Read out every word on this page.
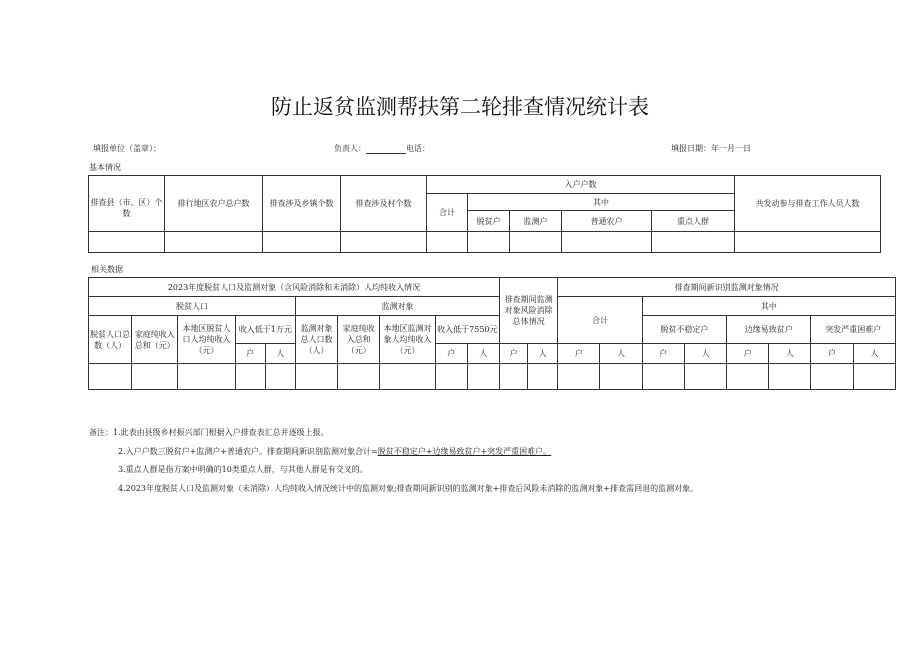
防止返贫监测帮扶第二轮排查情况统计表
填报单位（盖章）：	负责人：	电话：	填报日期：年一月一日
基本情况
排查县（市、区）个数	排行地区农户总户数	排查涉及乡镇个数	排查涉及村个数	入户户数					共发动参与排查工作人员人数
				合计	其中				
					脱贫户	监测户	普通农户	重点人群	

相关数据
2023年度脱贫人口及监测对象（含风险消除和未消除）人均纯收入情况										排查期间监测对象风险消除总体情况		排查期间新识别监测对象情况							
脱贫人口					监测对象							合计		其中					
脱贫人口总数（人）	家庭纯收入总和（元）	本地区脱贫人口人均纯收入（元）	收入低于1万元		监测对象总人口数（人）	家庭纯收入总和（元）	本地区监测对象人均纯收入（元）	收入低于7550元						脱贫不稳定户		边缘易致贫户		突发严重困难户	
			户	人				户	人	户	人	户	人	户	人	户	人	户	人

备注：1.此表由县级乡村振兴部门根据入户排查表汇总并逐级上报。
2.入户户数三脱贫户+监测户+普通农户。排查期间新识别监测对象合计=脱贫不稳定户+边缘易致贫户+突发严重困难户。
3.重点人群是指方案中明确的10类重点人群，与其他人群是有交叉的。
4.2023年度脱贫人口及监测对象（未消除）人均纯收入情况统计中的监测对象;排查期间新识别的监测对象+排查后风险未消除的监测对象+排查需回退的监测对象。
